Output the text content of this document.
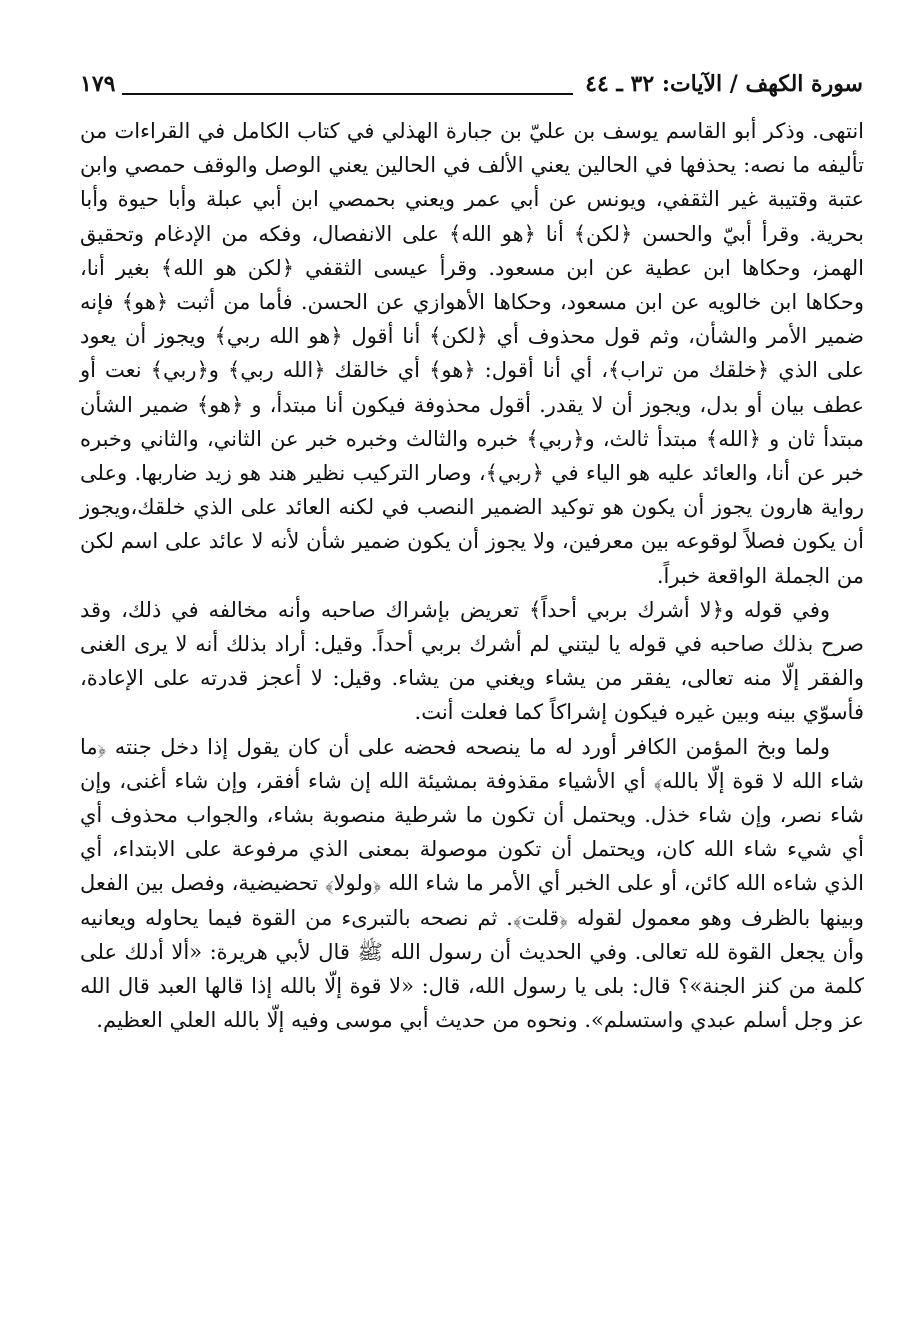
سورة الكهف / الآيات: ٣٢ ـ ٤٤
١٧٩

انتهى. وذكر أبو القاسم يوسف بن عليّ بن جبارة الهذلي في كتاب الكامل في القراءات من تأليفه ما نصه: يحذفها في الحالين يعني الألف في الحالين يعني الوصل والوقف حمصي وابن عتبة وقتيبة غير الثقفي، ويونس عن أبي عمر ويعني بحمصي ابن أبي عبلة وأبا حيوة وأبا بحرية. وقرأ أبيّ والحسن ﴿لكن﴾ أنا ﴿هو الله﴾ على الانفصال، وفكه من الإدغام وتحقيق الهمز، وحكاها ابن عطية عن ابن مسعود. وقرأ عيسى الثقفي ﴿لكن هو الله﴾ بغير أنا، وحكاها ابن خالويه عن ابن مسعود، وحكاها الأهوازي عن الحسن. فأما من أثبت ﴿هو﴾ فإنه ضمير الأمر والشأن، وثم قول محذوف أي ﴿لكن﴾ أنا أقول ﴿هو الله ربي﴾ ويجوز أن يعود على الذي ﴿خلقك من تراب﴾، أي أنا أقول: ﴿هو﴾ أي خالقك ﴿الله ربي﴾ و﴿ربي﴾ نعت أو عطف بيان أو بدل، ويجوز أن لا يقدر. أقول محذوفة فيكون أنا مبتدأ، و ﴿هو﴾ ضمير الشأن مبتدأ ثان و ﴿الله﴾ مبتدأ ثالث، و﴿ربي﴾ خبره والثالث وخبره خبر عن الثاني، والثاني وخبره خبر عن أنا، والعائد عليه هو الياء في ﴿ربي﴾، وصار التركيب نظير هند هو زيد ضاربها. وعلى رواية هارون يجوز أن يكون هو توكيد الضمير النصب في لكنه العائد على الذي خلقك،ويجوز أن يكون فصلاً لوقوعه بين معرفين، ولا يجوز أن يكون ضمير شأن لأنه لا عائد على اسم لكن من الجملة الواقعة خبراً.

وفي قوله و﴿لا أشرك بربي أحداً﴾ تعريض بإشراك صاحبه وأنه مخالفه في ذلك، وقد صرح بذلك صاحبه في قوله يا ليتني لم أشرك بربي أحداً. وقيل: أراد بذلك أنه لا يرى الغنى والفقر إلّا منه تعالى، يفقر من يشاء ويغني من يشاء. وقيل: لا أعجز قدرته على الإعادة، فأسوّي بينه وبين غيره فيكون إشراكاً كما فعلت أنت.

ولما وبخ المؤمن الكافر أورد له ما ينصحه فحضه على أن كان يقول إذا دخل جنته ﴿ما شاء الله لا قوة إلّا بالله﴾ أي الأشياء مقذوفة بمشيئة الله إن شاء أفقر، وإن شاء أغنى، وإن شاء نصر، وإن شاء خذل. ويحتمل أن تكون ما شرطية منصوبة بشاء، والجواب محذوف أي أي شيء شاء الله كان، ويحتمل أن تكون موصولة بمعنى الذي مرفوعة على الابتداء، أي الذي شاءه الله كائن، أو على الخبر أي الأمر ما شاء الله ﴿ولولا﴾ تحضيضية، وفصل بين الفعل وبينها بالظرف وهو معمول لقوله ﴿قلت﴾. ثم نصحه بالتبرىء من القوة فيما يحاوله ويعانيه وأن يجعل القوة لله تعالى. وفي الحديث أن رسول الله ﷺ قال لأبي هريرة: «ألا أدلك على كلمة من كنز الجنة»؟ قال: بلى يا رسول الله، قال: «لا قوة إلّا بالله إذا قالها العبد قال الله عز وجل أسلم عبدي واستسلم». ونحوه من حديث أبي موسى وفيه إلّا بالله العلي العظيم.
